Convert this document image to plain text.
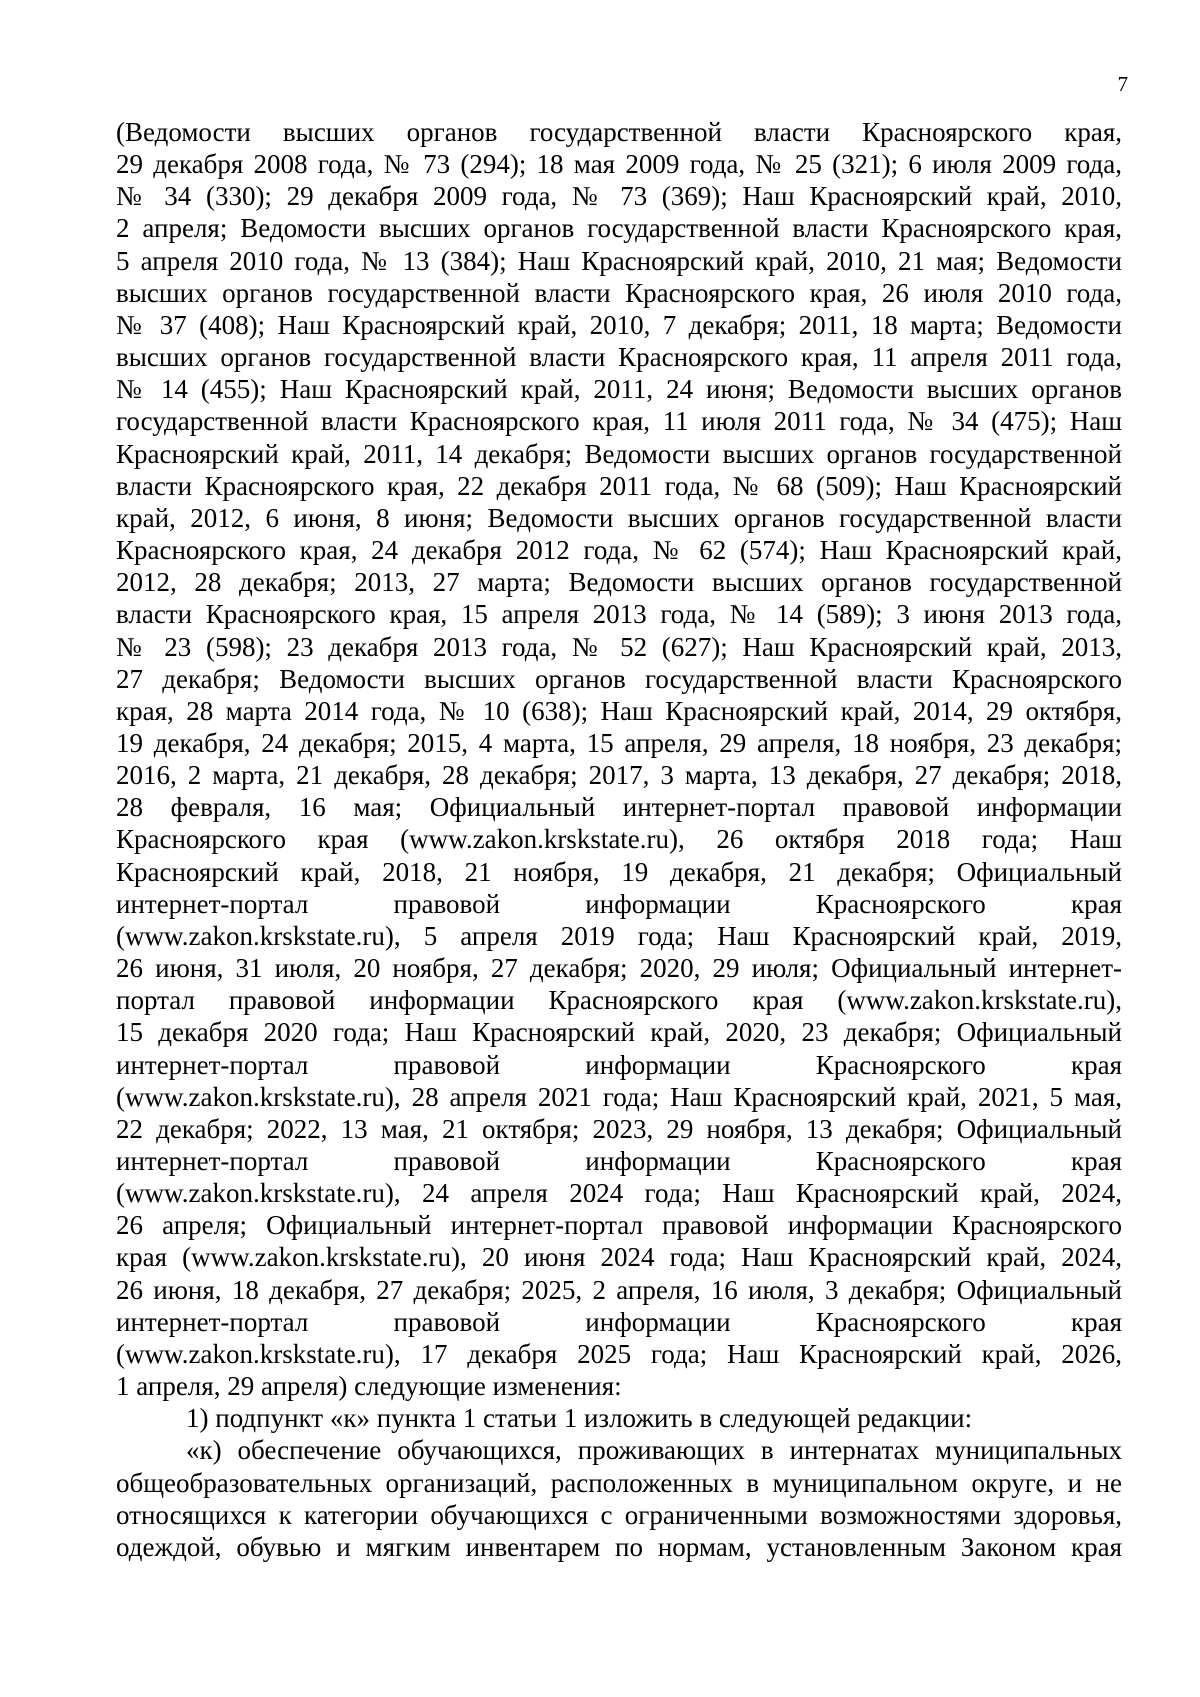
7
(Ведомости высших органов государственной власти Красноярского края,
29 декабря 2008 года, № 73 (294); 18 мая 2009 года, № 25 (321); 6 июля 2009 года,
№ 34 (330); 29 декабря 2009 года, № 73 (369); Наш Красноярский край, 2010,
2 апреля; Ведомости высших органов государственной власти Красноярского края,
5 апреля 2010 года, № 13 (384); Наш Красноярский край, 2010, 21 мая; Ведомости
высших органов государственной власти Красноярского края, 26 июля 2010 года,
№ 37 (408); Наш Красноярский край, 2010, 7 декабря; 2011, 18 марта; Ведомости
высших органов государственной власти Красноярского края, 11 апреля 2011 года,
№ 14 (455); Наш Красноярский край, 2011, 24 июня; Ведомости высших органов
государственной власти Красноярского края, 11 июля 2011 года, № 34 (475); Наш
Красноярский край, 2011, 14 декабря; Ведомости высших органов государственной
власти Красноярского края, 22 декабря 2011 года, № 68 (509); Наш Красноярский
край, 2012, 6 июня, 8 июня; Ведомости высших органов государственной власти
Красноярского края, 24 декабря 2012 года, № 62 (574); Наш Красноярский край,
2012, 28 декабря; 2013, 27 марта; Ведомости высших органов государственной
власти Красноярского края, 15 апреля 2013 года, № 14 (589); 3 июня 2013 года,
№ 23 (598); 23 декабря 2013 года, № 52 (627); Наш Красноярский край, 2013,
27 декабря; Ведомости высших органов государственной власти Красноярского
края, 28 марта 2014 года, № 10 (638); Наш Красноярский край, 2014, 29 октября,
19 декабря, 24 декабря; 2015, 4 марта, 15 апреля, 29 апреля, 18 ноября, 23 декабря;
2016, 2 марта, 21 декабря, 28 декабря; 2017, 3 марта, 13 декабря, 27 декабря; 2018,
28 февраля, 16 мая; Официальный интернет-портал правовой информации
Красноярского края (www.zakon.krskstate.ru), 26 октября 2018 года; Наш
Красноярский край, 2018, 21 ноября, 19 декабря, 21 декабря; Официальный
интернет-портал правовой информации Красноярского края
(www.zakon.krskstate.ru), 5 апреля 2019 года; Наш Красноярский край, 2019,
26 июня, 31 июля, 20 ноября, 27 декабря; 2020, 29 июля; Официальный интернет-
портал правовой информации Красноярского края (www.zakon.krskstate.ru),
15 декабря 2020 года; Наш Красноярский край, 2020, 23 декабря; Официальный
интернет-портал правовой информации Красноярского края
(www.zakon.krskstate.ru), 28 апреля 2021 года; Наш Красноярский край, 2021, 5 мая,
22 декабря; 2022, 13 мая, 21 октября; 2023, 29 ноября, 13 декабря; Официальный
интернет-портал правовой информации Красноярского края
(www.zakon.krskstate.ru), 24 апреля 2024 года; Наш Красноярский край, 2024,
26 апреля; Официальный интернет-портал правовой информации Красноярского
края (www.zakon.krskstate.ru), 20 июня 2024 года; Наш Красноярский край, 2024,
26 июня, 18 декабря, 27 декабря; 2025, 2 апреля, 16 июля, 3 декабря; Официальный
интернет-портал правовой информации Красноярского края
(www.zakon.krskstate.ru), 17 декабря 2025 года; Наш Красноярский край, 2026,
1 апреля, 29 апреля) следующие изменения:
1) подпункт «к» пункта 1 статьи 1 изложить в следующей редакции:
«к) обеспечение обучающихся, проживающих в интернатах муниципальных
общеобразовательных организаций, расположенных в муниципальном округе, и не
относящихся к категории обучающихся с ограниченными возможностями здоровья,
одеждой, обувью и мягким инвентарем по нормам, установленным Законом края
